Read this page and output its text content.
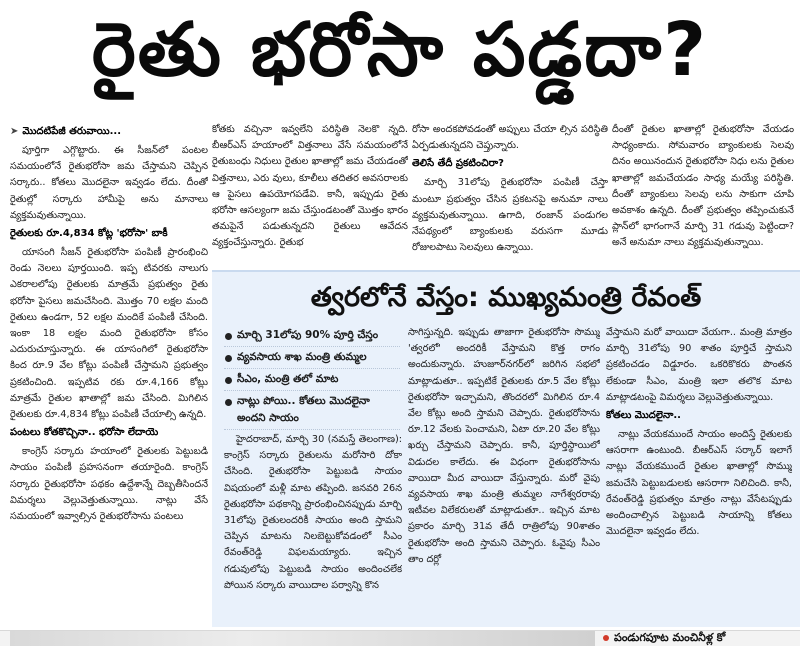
రైతు భరోసా పడ్డదా?
➤ మొదటిపేజీ తరువాయి...

పూర్తిగా ఎగ్గొట్టారు. ఈ సీజన్‌లో పంటల సమయంలోనే రైతుభరోసా జమ చేస్తామని చెప్పిన సర్కారు.. కోతలు మొదలైనా ఇవ్వడం లేదు. దీంతో రైతుల్లో సర్కారు హామీపై అను మానాలు వ్యక్తమవుతున్నాయి.

రైతులకు రూ.4,834 కోట్ల 'భరోసా' బాకీ

యాసంగి సీజన్ రైతుభరోసా పంపిణీ ప్రారంభించి రెండు నెలలు పూర్తయింది. ఇప్ప టివరకు నాలుగు ఎకరాలలోపు రైతులకు మాత్రమే ప్రభుత్వం రైతు భరోసా పైసలు జమచేసింది. మొత్తం 70 లక్షల మంది రైతులు ఉండగా, 52 లక్షల మందికే పంపిణీ చేసింది. ఇంకా 18 లక్షల మంది రైతుభరోసా కోసం ఎదురుచూస్తున్నారు. ఈ యాసంగిలో రైతుభరోసా కింద రూ.9 వేల కోట్లు పంపిణీ చేస్తామని ప్రభుత్వం ప్రకటించింది. ఇప్పటివ రకు రూ.4,166 కోట్లు మాత్రమే రైతుల ఖాతాల్లో జమ చేసింది. మిగిలిన రైతులకు రూ.4,834 కోట్లు పంపిణీ చేయాల్సి ఉన్నది.

పంటలు కోతకొచ్చినా.. భరోసా లేదాయె

కాంగ్రెస్ సర్కారు హయాంలో రైతులకు పెట్టుబడి సాయం పంపిణీ ప్రహసనంగా తయారైంది. కాంగ్రెస్ సర్కారు రైతుభరోసా పథకం ఉద్దేశాన్నే దెబ్బతీసిందనే విమర్శలు వెల్లువెత్తుతున్నాయి. నాట్లు వేసే సమయంలో ఇవ్వాల్సిన రైతుభరోసాను పంటలు

కోతకు వచ్చినా ఇవ్వలేని పరిస్థితి నెలకొ న్నది. బీఆర్ఎస్ హయాంలో విత్తనాలు వేసే సమయంలోనే రైతుబంధు నిధులు రైతుల ఖాతాల్లో జమ చేయడంతో విత్తనాలు, ఎరు వులు, కూలీలు తదితర అవసరాలకు ఆ పైసలు ఉపయోగపడేవి. కానీ, ఇప్పుడు రైతు భరోసా ఆసల్యంగా జమ చేస్తుండటంతో మొత్తం భారం తమపైనే పడుతున్నదని రైతులు ఆవేదన వ్యక్తంచేస్తున్నారు. రైతుభ

రోసా అందకపోవడంతో అప్పులు చేయా ల్సిన పరిస్థితి ఏర్పడుతున్నదని చెప్తున్నారు.

తెలిసే తేదీ ప్రకటించిరా?

మార్చి 31లోపు రైతుభరోసా పంపిణీ చేస్తా మంటూ ప్రభుత్వం చేసిన ప్రకటనపై అనుమా నాలు వ్యక్తమవుతున్నాయి. ఉగాది, రంజాన్ పండుగల నేపథ్యంలో బ్యాంకులకు వరుసగా మూడు రోజులపాటు సెలవులు ఉన్నాయి.

దీంతో రైతుల ఖాతాల్లో రైతుభరోసా వేయడం సాధ్యంకాదు. సోమవారం బ్యాంకులకు సెలవు దినం అయినందున రైతుభరోసా నిధు లను రైతుల ఖాతాల్లో జమచేయడం సాధ్య మయ్యే పరిస్థితి. దీంతో బ్యాంకులు సెలవు లను సాకుగా చూపి అవకాశం ఉన్నది. దీంతో ప్రభుత్వం తప్పించుకునే ప్లాన్‌లో భాగంగానే మార్చి 31 గడువు పెట్టిందా? అనే అనుమా నాలు వ్యక్తమవుతున్నాయి.

త్వరలోనే వేస్తం: ముఖ్యమంత్రి రేవంత్
మార్చి 31లోపు 90% పూర్తి చేస్తం
వ్యవసాయ శాఖ మంత్రి తుమ్మల
సీఎం, మంత్రి తలో మాట
నాట్లు పోయి.. కోతలు మొదలైనా అందని సాయం

హైదరాబాద్, మార్చి 30 (నమస్తే తెలంగాణ): కాంగ్రెస్ సర్కారు రైతులను మరోసారి దోకా చేసింది. రైతుభరోసా పెట్టుబడి సాయం విషయంలో మళ్లీ మాట తప్పింది. జనవరి 26న రైతుభరోసా పథకాన్ని ప్రారంభించినప్పుడు మార్చి 31లోపు రైతులందరికీ సాయం అంది స్తామని చెప్పిన మాటను నిలబెట్టుకోవడంలో సీఎం రేవంత్‌రెడ్డి విఫలమయ్యారు. ఇచ్చిన గడువులోపు పెట్టుబడి సాయం అందించలేక పోయిన సర్కారు వాయిదాల పర్వాన్ని కొన

సాగిస్తున్నది. ఇప్పుడు తాజాగా రైతుభరోసా సొమ్ము 'త్వరలో' అందరికీ వేస్తామని కొత్త రాగం అందుకున్నారు. హుజూర్‌నగర్‌లో జరిగిన సభలో మాట్లాడుతూ.. ఇప్పటికే రైతులకు రూ.5 వేల కోట్లు రైతుభరోసా ఇచ్చామని, తొందరలో మిగిలిన రూ.4 వేల కోట్లు అంది స్తామని చెప్పారు. రైతుభరోసాను రూ.12 వేలకు పెంచామని, ఏటా రూ.20 వేల కోట్లు ఖర్చు చేస్తామని చెప్పారు. కానీ, పూర్తిస్థాయిలో విడుదల కాలేదు. ఈ విధంగా రైతుభరోసాను వాయిదా మీద వాయిదా వేస్తున్నారు. మరో వైపు వ్యవసాయ శాఖ మంత్రి తుమ్మల నాగేశ్వరరావు ఇటీవల విలేకరులతో మాట్లాడుతూ.. ఇచ్చిన మాట ప్రకారం మార్చి 31వ తేదీ రాత్రిలోపు 90శాతం రైతుభరోసా అంది స్తామని చెప్పారు. ఓవైపు సీఎం తాం దర్లో

వేస్తామని మరో వాయిదా వేయగా.. మంత్రి మాత్రం మార్చి 31లోపు 90 శాతం పూర్తిచే స్తామని ప్రకటించడం విడ్డూరం. ఒకరికొకరు పొంతన లేకుండా సీఎం, మంత్రి ఇలా తలొక మాట మాట్లాడటంపై విమర్శలు వెల్లువెత్తుతున్నాయి.

కోతలు మొదలైనా..

నాట్లు వేయకముందే సాయం అందిస్తే రైతులకు ఆసరాగా ఉంటుంది. బీఆర్ఎస్ సర్కార్ ఇలాగే నాట్లు వేయకముందే రైతుల ఖాతాల్లో సొమ్ము జమచేసి పెట్టుబడులకు ఆసరాగా నిలిచింది. కానీ, రేవంత్‌రెడ్డి ప్రభుత్వం మాత్రం నాట్లు వేసేటప్పుడు అందించాల్సిన పెట్టుబడి సాయాన్ని కోతలు మొదలైనా ఇవ్వడం లేదు.

పండుగపూట మంచినీళ్ల కో
